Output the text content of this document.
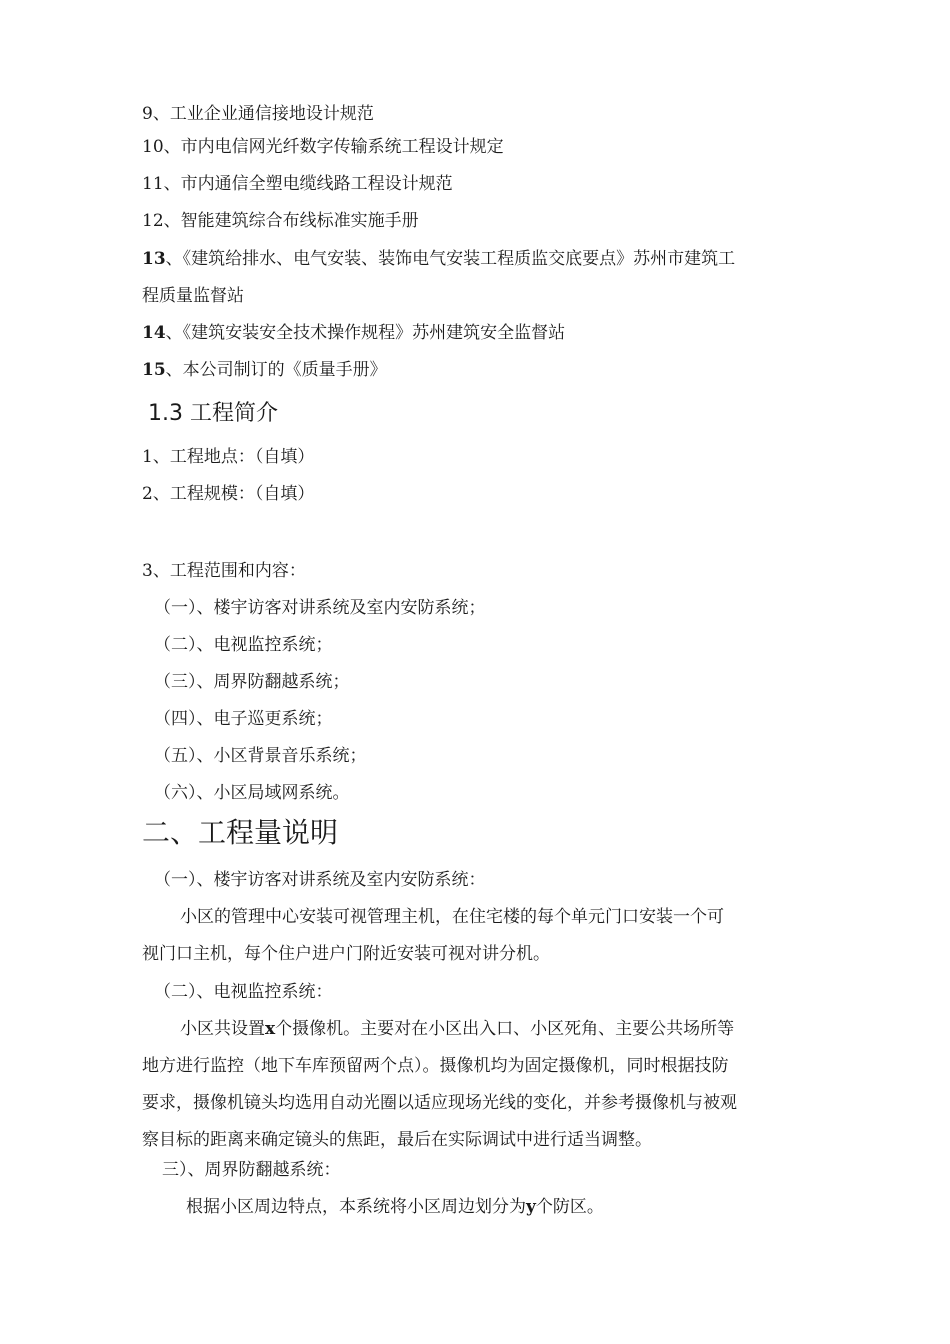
9、工业企业通信接地设计规范
10、市内电信网光纤数字传输系统工程设计规定
11、市内通信全塑电缆线路工程设计规范
12、智能建筑综合布线标准实施手册
13、《建筑给排水、电气安装、装饰电气安装工程质监交底要点》苏州市建筑工
程质量监督站
14、《建筑安装安全技术操作规程》苏州建筑安全监督站
15、本公司制订的《质量手册》
1.3 工程简介
1、工程地点：（自填）
2、工程规模：（自填）
3、工程范围和内容：
（一）、楼宇访客对讲系统及室内安防系统；
（二）、电视监控系统；
（三）、周界防翻越系统；
（四）、电子巡更系统；
（五）、小区背景音乐系统；
（六）、小区局域网系统。
二、工程量说明
（一）、楼宇访客对讲系统及室内安防系统：
小区的管理中心安装可视管理主机，在住宅楼的每个单元门口安装一个可
视门口主机，每个住户进户门附近安装可视对讲分机。
（二）、电视监控系统：
小区共设置x个摄像机。主要对在小区出入口、小区死角、主要公共场所等
地方进行监控（地下车库预留两个点）。摄像机均为固定摄像机，同时根据技防
要求，摄像机镜头均选用自动光圈以适应现场光线的变化，并参考摄像机与被观
察目标的距离来确定镜头的焦距，最后在实际调试中进行适当调整。
三）、周界防翻越系统：
根据小区周边特点，本系统将小区周边划分为y个防区。
